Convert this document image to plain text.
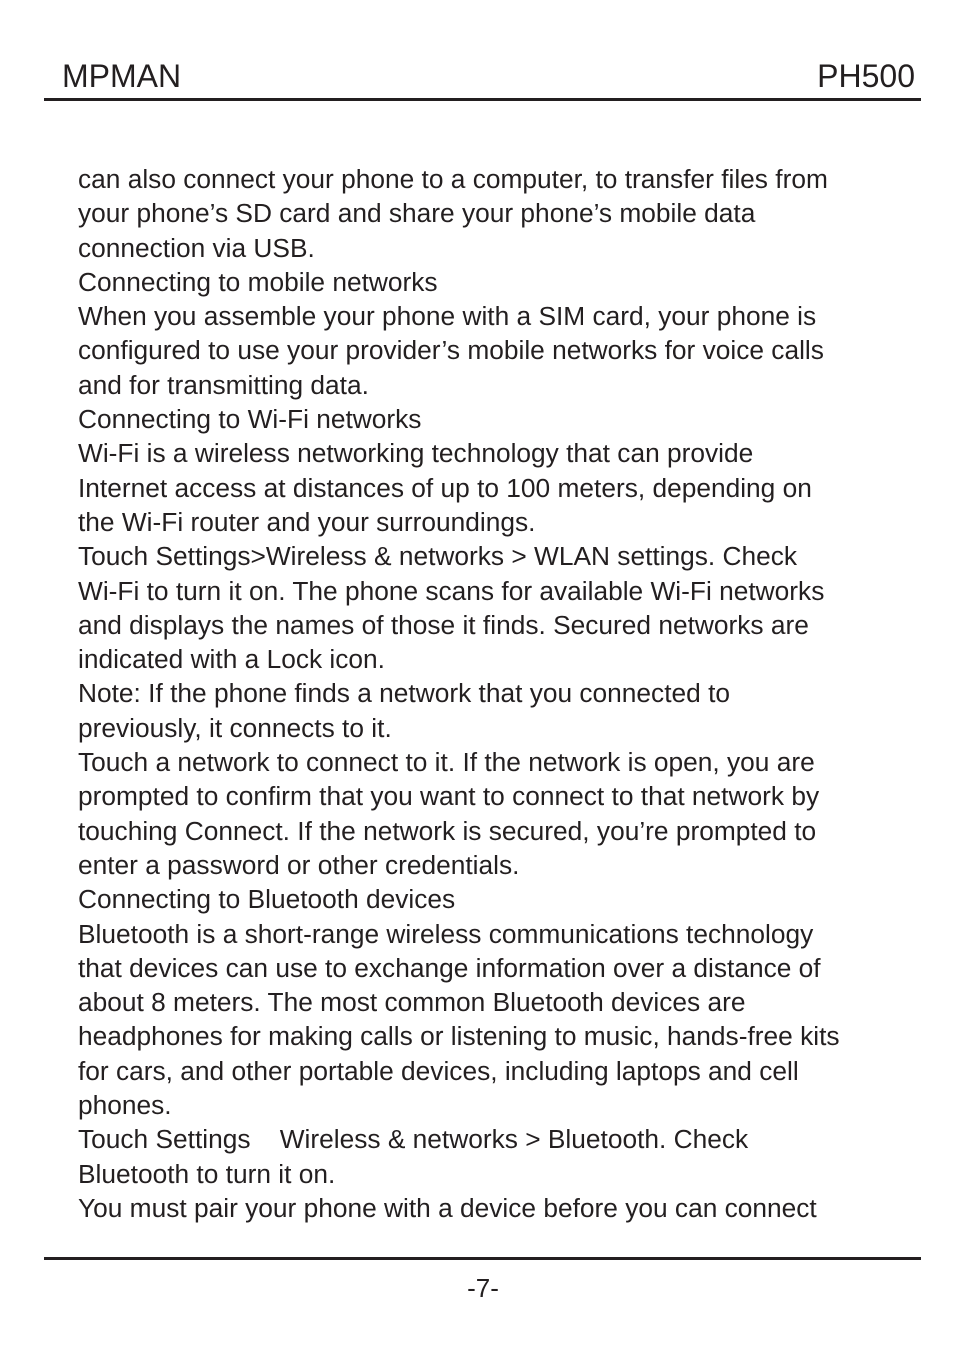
MPMAN	PH500
can also connect your phone to a computer, to transfer files from
your phone’s SD card and share your phone’s mobile data
connection via USB.
Connecting to mobile networks
When you assemble your phone with a SIM card, your phone is
configured to use your provider’s mobile networks for voice calls
and for transmitting data.
Connecting to Wi-Fi networks
Wi-Fi is a wireless networking technology that can provide
Internet access at distances of up to 100 meters, depending on
the Wi-Fi router and your surroundings.
Touch Settings>Wireless & networks > WLAN settings. Check
Wi-Fi to turn it on. The phone scans for available Wi-Fi networks
and displays the names of those it finds. Secured networks are
indicated with a Lock icon.
Note: If the phone finds a network that you connected to
previously, it connects to it.
Touch a network to connect to it. If the network is open, you are
prompted to confirm that you want to connect to that network by
touching Connect. If the network is secured, you’re prompted to
enter a password or other credentials.
Connecting to Bluetooth devices
Bluetooth is a short-range wireless communications technology
that devices can use to exchange information over a distance of
about 8 meters. The most common Bluetooth devices are
headphones for making calls or listening to music, hands-free kits
for cars, and other portable devices, including laptops and cell
phones.
Touch Settings    Wireless & networks > Bluetooth. Check
Bluetooth to turn it on.
You must pair your phone with a device before you can connect
-7-
